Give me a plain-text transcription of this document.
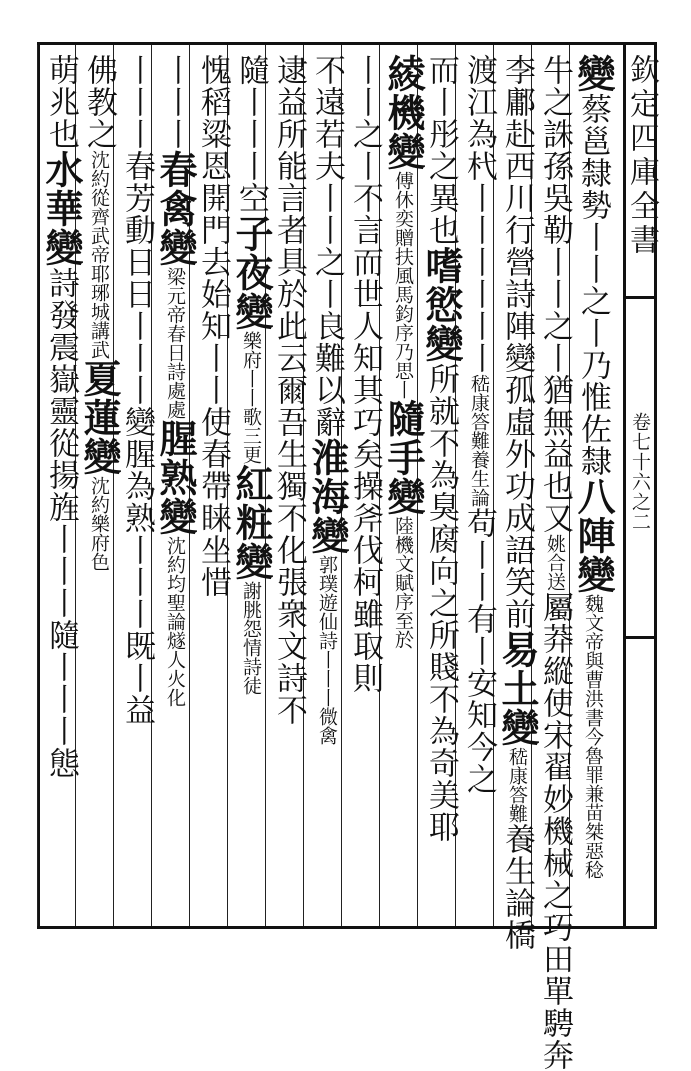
欽定四庫全書
卷七十六之二
變蔡邕隸勢丨丨之丨乃惟佐隸八陣變魏文帝與曹洪書今魯罪兼苗桀惡稔
牛之誅孫吳勒丨丨之丨猶無益也又姚合送屬莽縱使宋翟妙機械之巧田單騁奔
李鄘赴西川行營詩陣變孤虛外功成語笑前易土變嵇康答難養生論橋
渡江為杙丨丨丨丨丨丨嵇康答難養生論苟丨丨有丨安知今之
而丨彤之異也嗜慾變所就不為臭腐向之所賤不為奇美耶
綾機變傅休奕贈扶風馬鈞序乃思丨隨手變陸機文賦序至於
丨丨之丨不言而世人知其巧矣操斧伐柯雖取則
不遠若夫丨丨之丨良難以辭淮海變郭璞遊仙詩丨丨丨微禽
逮益所能言者具於此云爾吾生獨不化張衆文詩不
隨丨丨丨空子夜變樂府丨丨歌三更紅粧變謝朓怨情詩徒
愧稻粱恩開門去始知丨丨使春帶睐坐惜
丨丨丨春禽變梁元帝春日詩處處腥熟變沈約均聖論燧人火化
丨丨丨春芳動日日丨丨丨變腥為熟丨丨丨既丨益
佛教之沈約從齊武帝耶琊城講武夏蓮變沈約樂府色
萌兆也水華變詩發震嶽靈從揚旌丨丨丨隨丨丨丨態
